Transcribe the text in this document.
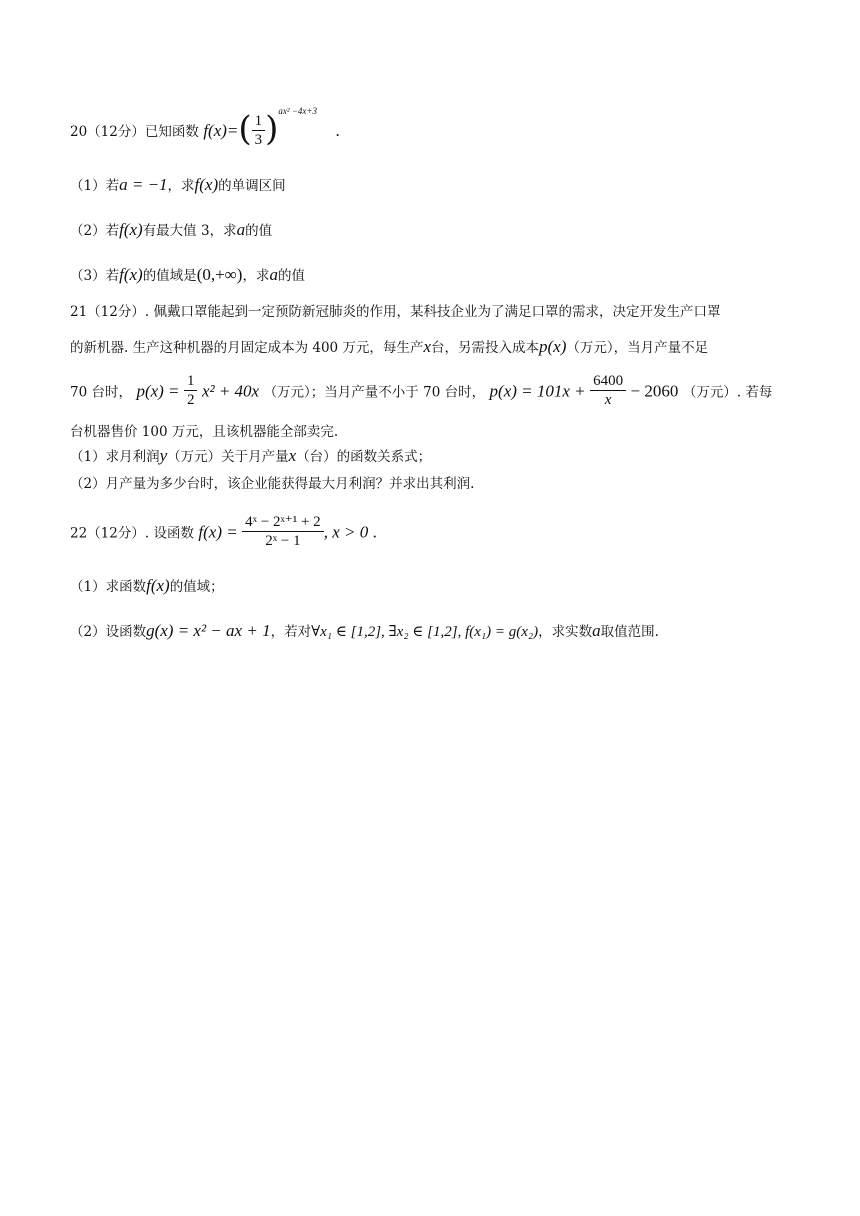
20（12分）已知函数 $f(x)=( \frac{1}{3} )^{ax^2 -4x+3}$ .
（1）若a = −1，求f(x)的单调区间
（2）若f(x)有最大值 3，求a的值
（3）若f(x)的值域是(0,+∞)，求a的值
21（12分）. 佩戴口罩能起到一定预防新冠肺炎的作用，某科技企业为了满足口罩的需求，决定开发生产口罩
的新机器. 生产这种机器的月固定成本为 400 万元，每生产x台，另需投入成本p(x)（万元），当月产量不足
70 台时， $p(x) = \frac{1}{2} x^2 + 40x$ （万元）；当月产量不小于 70 台时， $p(x) = 101x + \frac{6400}{x} - 2060$ （万元）. 若每
台机器售价 100 万元，且该机器能全部卖完.
（1）求月利润y（万元）关于月产量x（台）的函数关系式；
（2）月产量为多少台时，该企业能获得最大月利润？并求出其利润.
22（12分）. 设函数 $f(x) = \frac{\text{4ˣ − 2ˣ⁺¹ + 2}}{\text{2ˣ − 1}}$ , x > 0 .
（1）求函数f(x)的值域；
（2）设函数g(x) = x² − ax + 1，若对∀x₁ ∈ [1,2], ∃x₂ ∈ [1,2], f(x₁) = g(x₂)，求实数a取值范围.
